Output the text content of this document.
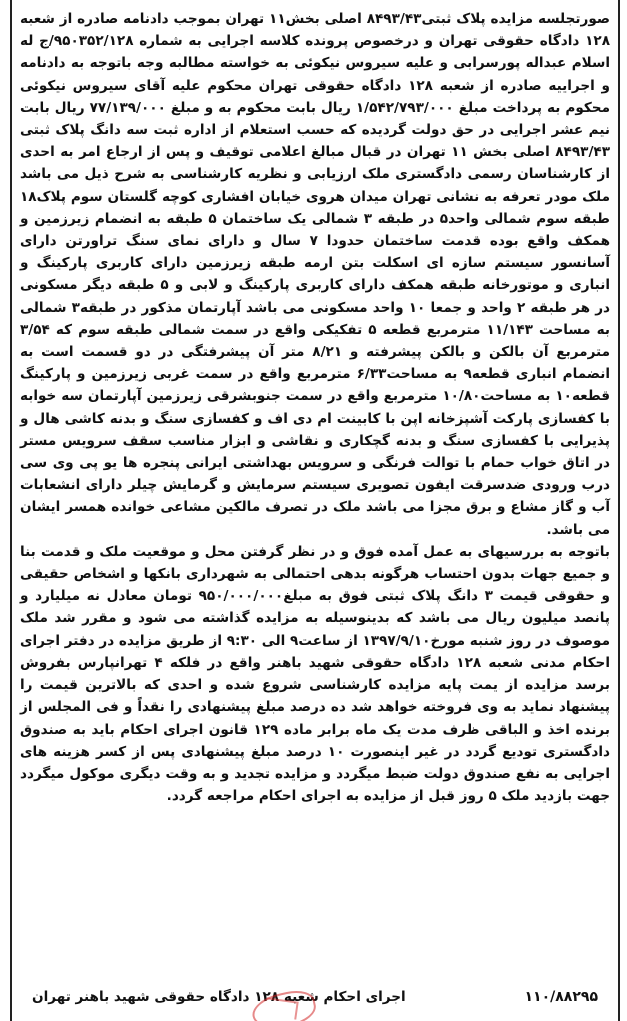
صورتجلسه مزایده پلاک ثبتی۸۴۹۳/۴۳ اصلی بخش۱۱ تهران بموجب دادنامه صادره از شعبه ۱۲۸ دادگاه حقوقی تهران و درخصوص پرونده کلاسه اجرایی به شماره ۹۵۰۳۵۲/۱۲۸/ج له اسلام عبداله پورسرابی و علیه سیروس نیکوئی به خواسته مطالبه وجه باتوجه به دادنامه و اجراییه صادره از شعبه ۱۲۸ دادگاه حقوقی تهران محکوم علیه آقای سیروس نیکوئی محکوم به پرداخت مبلغ ۱/۵۴۲/۷۹۳/۰۰۰ ریال بابت محکوم به و مبلغ ۷۷/۱۳۹/۰۰۰ ریال بابت نیم عشر اجرایی در حق دولت گردیده که حسب استعلام از اداره ثبت سه دانگ پلاک ثبتی ۸۴۹۳/۴۳ اصلی بخش ۱۱ تهران در قبال مبالغ اعلامی توقیف و پس از ارجاع امر به احدی از کارشناسان رسمی دادگستری ملک ارزیابی و نظریه کارشناسی به شرح ذیل می باشد ملک مودر تعرفه به نشانی تهران میدان هروی خیابان افشاری کوچه گلستان سوم پلاک۱۸ طبقه سوم شمالی واحد۵ در طبقه ۳ شمالی یک ساختمان ۵ طبقه به انضمام زیرزمین و همکف واقع بوده قدمت ساختمان حدودا ۷ سال و دارای نمای سنگ تراورتن دارای آسانسور سیستم سازه ای اسکلت بتن ارمه طبقه زیرزمین دارای کاربری پارکینگ و انباری و موتورخانه طبقه همکف دارای کاربری پارکینگ و لابی و ۵ طبقه دیگر مسکونی در هر طبقه ۲ واحد و جمعا ۱۰ واحد مسکونی می باشد آپارتمان مذکور در طبقه۳ شمالی به مساحت ۱۱/۱۴۳ مترمربع قطعه ۵ تفکیکی واقع در سمت شمالی طبقه سوم که ۳/۵۴ مترمربع آن بالکن و بالکن پیشرفته و ۸/۲۱ متر آن پیشرفتگی در دو قسمت است به انضمام انباری قطعه۹ به مساحت۶/۳۳ مترمربع واقع در سمت غربی زیرزمین و پارکینگ قطعه۱۰ به مساحت۱۰/۸۰ مترمربع واقع در سمت جنوبشرقی زیرزمین آپارتمان سه خوابه با کفسازی پارکت آشپزخانه اپن با کابینت ام دی اف و کفسازی سنگ و بدنه کاشی هال و پذیرایی با کفسازی سنگ و بدنه گچکاری و نقاشی و ابزار مناسب سقف سرویس مستر در اتاق خواب حمام با توالت فرنگی و سرویس بهداشتی ایرانی پنجره ها یو پی وی سی درب ورودی ضدسرقت ایفون تصویری سیستم سرمایش و گرمایش چیلر دارای انشعابات آب و گاز مشاع و برق مجزا می باشد ملک در تصرف مالکین مشاعی خوانده همسر ایشان می باشد.

باتوجه به بررسیهای به عمل آمده فوق و در نظر گرفتن محل و موقعیت ملک و قدمت بنا و جمیع جهات بدون احتساب هرگونه بدهی احتمالی به شهرداری بانکها و اشخاص حقیقی و حقوقی قیمت ۳ دانگ پلاک ثبتی فوق به مبلغ۹۵۰/۰۰۰/۰۰۰ تومان معادل نه میلیارد و پانصد میلیون ریال می باشد که بدینوسیله به مزایده گذاشته می شود و مقرر شد ملک موصوف در روز شنبه مورخ۱۳۹۷/۹/۱۰ از ساعت۹ الی ۹:۳۰ از طریق مزایده در دفتر اجرای احکام مدنی شعبه ۱۲۸ دادگاه حقوقی شهید باهنر واقع در فلکه ۴ تهرانپارس بفروش برسد مزایده از یمت پایه مزایده کارشناسی شروع شده و احدی که بالاترین قیمت را پیشنهاد نماید به وی فروخته خواهد شد ده درصد مبلغ پیشنهادی را نقداً و فی المجلس از برنده اخذ و الباقی ظرف مدت یک ماه برابر ماده ۱۲۹ قانون اجرای احکام باید به صندوق دادگستری تودیع گردد در غیر اینصورت ۱۰ درصد مبلغ پیشنهادی پس از کسر هزینه های اجرایی به نفع صندوق دولت ضبط میگردد و مزایده تجدید و به وقت دیگری موکول میگردد جهت بازدید ملک ۵ روز قبل از مزایده به اجرای احکام مراجعه گردد.

اجرای احکام شعبه ۱۲۸ دادگاه حقوقی شهید باهنر تهران	۱۱۰/۸۸۲۹۵
